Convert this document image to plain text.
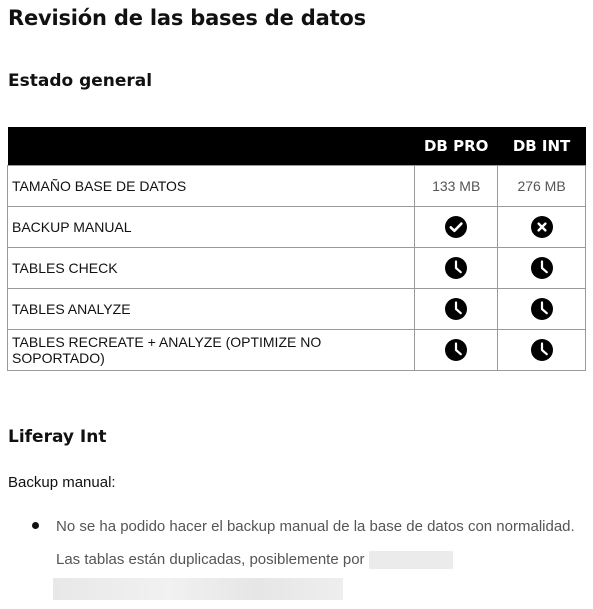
Revisión de las bases de datos
Estado general
	DB PRO	DB INT
TAMAÑO BASE DE DATOS	133 MB	276 MB
BACKUP MANUAL		
TABLES CHECK		
TABLES ANALYZE		
TABLES RECREATE + ANALYZE (OPTIMIZE NO SOPORTADO)		
Liferay Int

Backup manual:

No se ha podido hacer el backup manual de la base de datos con normalidad. Las tablas están duplicadas, posiblemente por
